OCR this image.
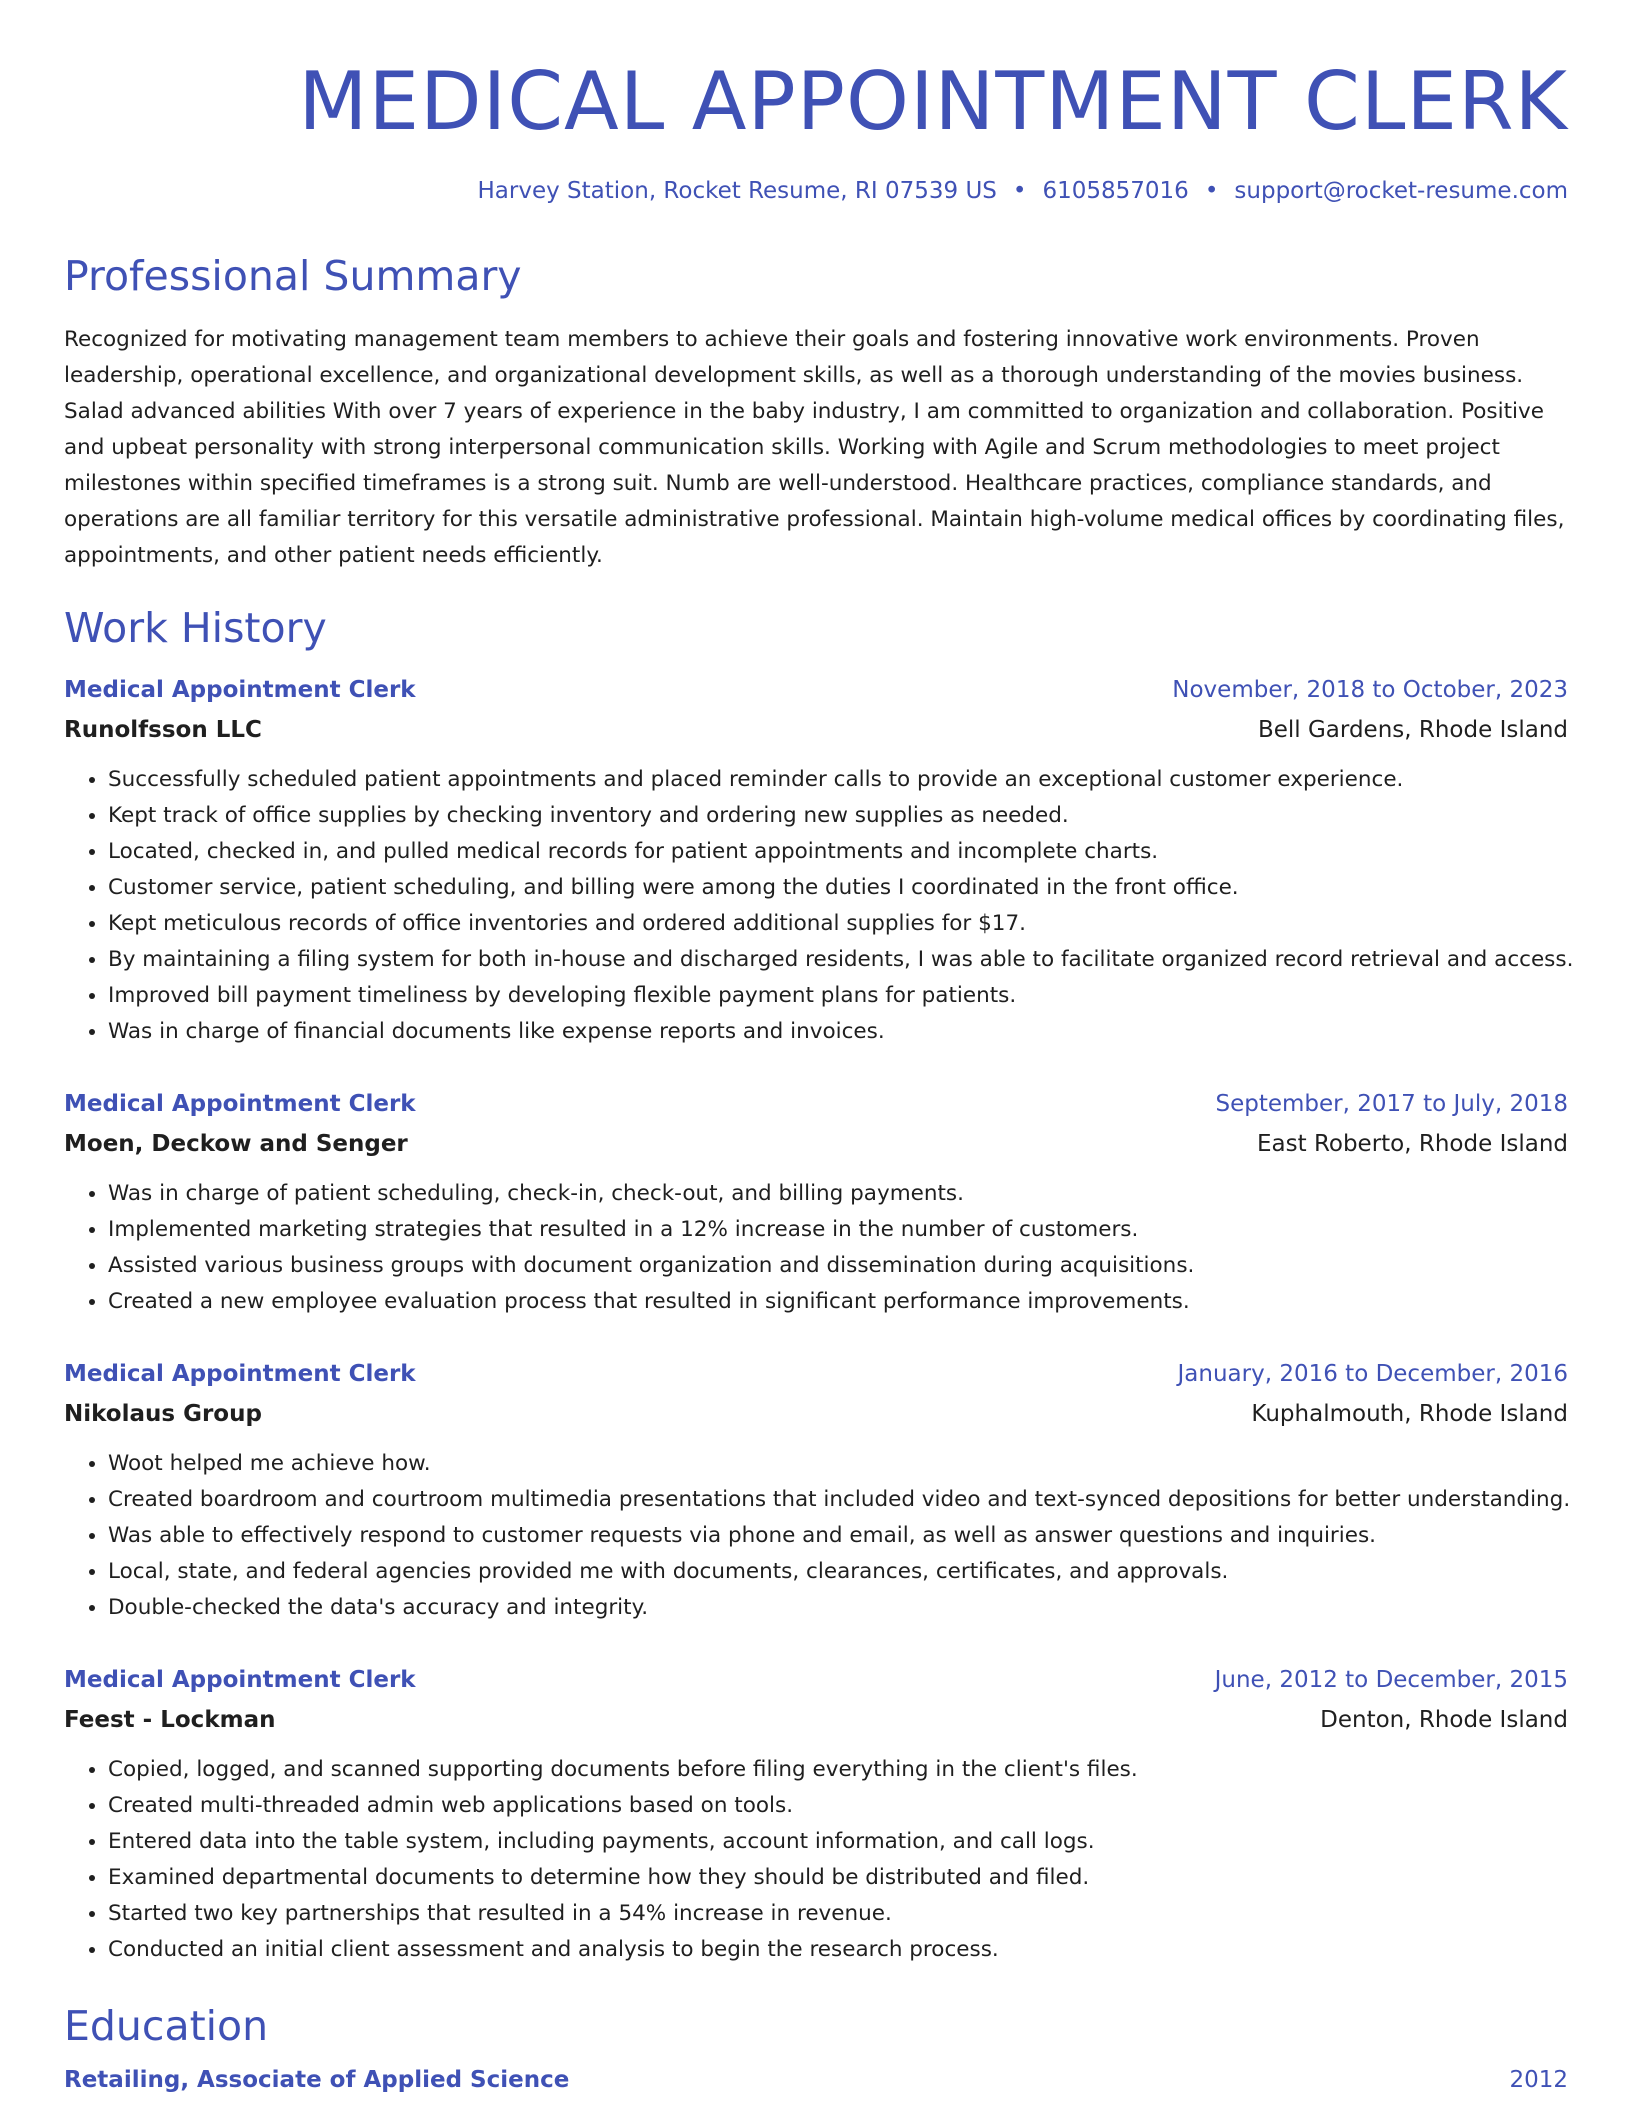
MEDICAL APPOINTMENT CLERK
Harvey Station, Rocket Resume, RI 07539 US • 6105857016 • support@rocket-resume.com
Professional Summary

Recognized for motivating management team members to achieve their goals and fostering innovative work environments. Proven leadership, operational excellence, and organizational development skills, as well as a thorough understanding of the movies business. Salad advanced abilities With over 7 years of experience in the baby industry, I am committed to organization and collaboration. Positive and upbeat personality with strong interpersonal communication skills. Working with Agile and Scrum methodologies to meet project milestones within specified timeframes is a strong suit. Numb are well-understood. Healthcare practices, compliance standards, and operations are all familiar territory for this versatile administrative professional. Maintain high-volume medical offices by coordinating files, appointments, and other patient needs efficiently.

Work History
Medical Appointment Clerk	November, 2018 to October, 2023
Runolfsson LLC	Bell Gardens, Rhode Island
• Successfully scheduled patient appointments and placed reminder calls to provide an exceptional customer experience.
• Kept track of office supplies by checking inventory and ordering new supplies as needed.
• Located, checked in, and pulled medical records for patient appointments and incomplete charts.
• Customer service, patient scheduling, and billing were among the duties I coordinated in the front office.
• Kept meticulous records of office inventories and ordered additional supplies for $17.
• By maintaining a filing system for both in-house and discharged residents, I was able to facilitate organized record retrieval and access.
• Improved bill payment timeliness by developing flexible payment plans for patients.
• Was in charge of financial documents like expense reports and invoices.
Medical Appointment Clerk	September, 2017 to July, 2018
Moen, Deckow and Senger	East Roberto, Rhode Island
• Was in charge of patient scheduling, check-in, check-out, and billing payments.
• Implemented marketing strategies that resulted in a 12% increase in the number of customers.
• Assisted various business groups with document organization and dissemination during acquisitions.
• Created a new employee evaluation process that resulted in significant performance improvements.
Medical Appointment Clerk	January, 2016 to December, 2016
Nikolaus Group	Kuphalmouth, Rhode Island
• Woot helped me achieve how.
• Created boardroom and courtroom multimedia presentations that included video and text-synced depositions for better understanding.
• Was able to effectively respond to customer requests via phone and email, as well as answer questions and inquiries.
• Local, state, and federal agencies provided me with documents, clearances, certificates, and approvals.
• Double-checked the data's accuracy and integrity.
Medical Appointment Clerk	June, 2012 to December, 2015
Feest - Lockman	Denton, Rhode Island
• Copied, logged, and scanned supporting documents before filing everything in the client's files.
• Created multi-threaded admin web applications based on tools.
• Entered data into the table system, including payments, account information, and call logs.
• Examined departmental documents to determine how they should be distributed and filed.
• Started two key partnerships that resulted in a 54% increase in revenue.
• Conducted an initial client assessment and analysis to begin the research process.
Education
Retailing, Associate of Applied Science	2012
